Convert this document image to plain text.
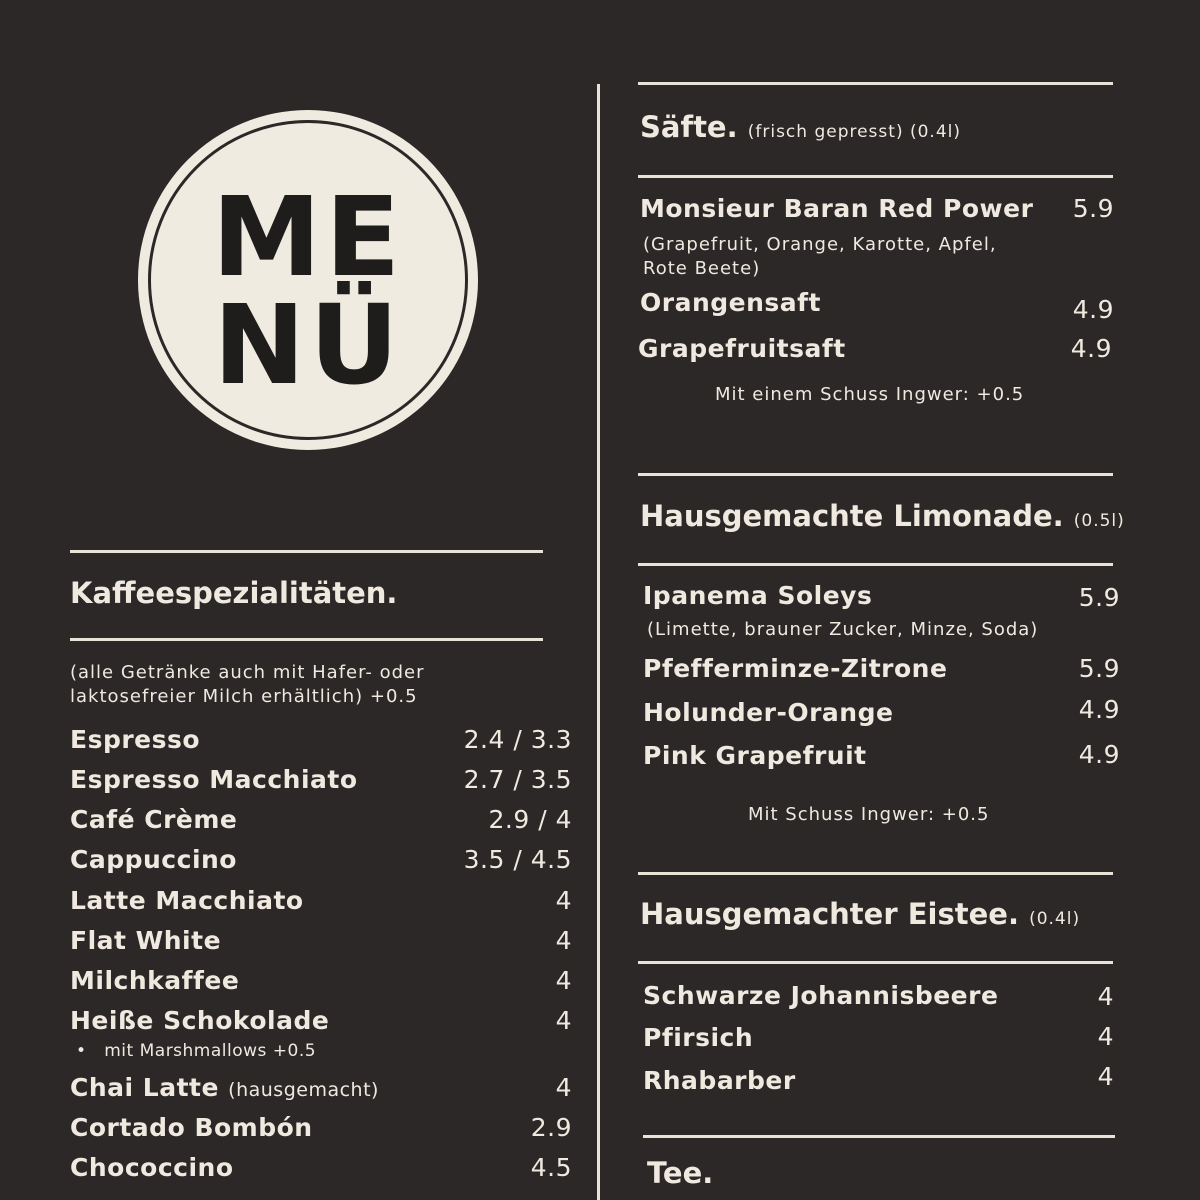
ME
NÜ
Kaffeespezialitäten.
(alle Getränke auch mit Hafer- oder
laktosefreier Milch erhältlich) +0.5
Espresso	2.4 / 3.3
Espresso Macchiato	2.7 / 3.5
Café Crème	2.9 / 4
Cappuccino	3.5 / 4.5
Latte Macchiato	4
Flat White	4
Milchkaffee	4
Heiße Schokolade	4
•   mit Marshmallows +0.5
Chai Latte (hausgemacht)	4
Cortado Bombón	2.9
Chococcino	4.5
Säfte. (frisch gepresst) (0.4l)
Monsieur Baran Red Power	5.9
(Grapefruit, Orange, Karotte, Apfel,
Rote Beete)
Orangensaft	4.9
Grapefruitsaft	4.9
Mit einem Schuss Ingwer: +0.5
Hausgemachte Limonade. (0.5l)
Ipanema Soleys	5.9
(Limette, brauner Zucker, Minze, Soda)
Pfefferminze-Zitrone	5.9
Holunder-Orange	4.9
Pink Grapefruit	4.9
Mit Schuss Ingwer: +0.5
Hausgemachter Eistee. (0.4l)
Schwarze Johannisbeere	4
Pfirsich	4
Rhabarber	4
Tee.
